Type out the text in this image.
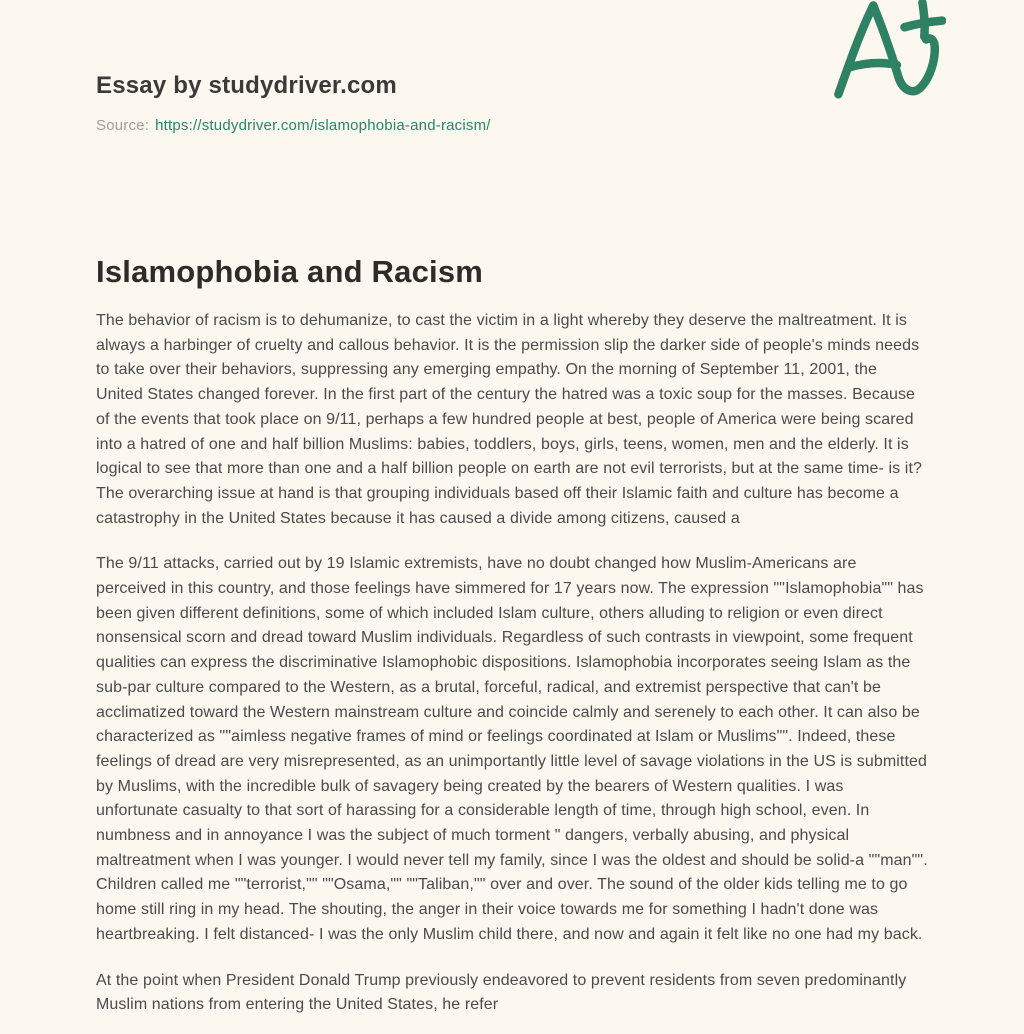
Essay by studydriver.com
Source: https://studydriver.com/islamophobia-and-racism/
Islamophobia and Racism

The behavior of racism is to dehumanize, to cast the victim in a light whereby they deserve the maltreatment. It is always a harbinger of cruelty and callous behavior. It is the permission slip the darker side of people's minds needs to take over their behaviors, suppressing any emerging empathy. On the morning of September 11, 2001, the United States changed forever. In the first part of the century the hatred was a toxic soup for the masses. Because of the events that took place on 9/11, perhaps a few hundred people at best, people of America were being scared into a hatred of one and half billion Muslims: babies, toddlers, boys, girls, teens, women, men and the elderly. It is logical to see that more than one and a half billion people on earth are not evil terrorists, but at the same time- is it? The overarching issue at hand is that grouping individuals based off their Islamic faith and culture has become a catastrophy in the United States because it has caused a divide among citizens, caused a

The 9/11 attacks, carried out by 19 Islamic extremists, have no doubt changed how Muslim-Americans are perceived in this country, and those feelings have simmered for 17 years now. The expression ""Islamophobia"" has been given different definitions, some of which included Islam culture, others alluding to religion or even direct nonsensical scorn and dread toward Muslim individuals. Regardless of such contrasts in viewpoint, some frequent qualities can express the discriminative Islamophobic dispositions. Islamophobia incorporates seeing Islam as the sub-par culture compared to the Western, as a brutal, forceful, radical, and extremist perspective that can't be acclimatized toward the Western mainstream culture and coincide calmly and serenely to each other. It can also be characterized as ""aimless negative frames of mind or feelings coordinated at Islam or Muslims"". Indeed, these feelings of dread are very misrepresented, as an unimportantly little level of savage violations in the US is submitted by Muslims, with the incredible bulk of savagery being created by the bearers of Western qualities. I was unfortunate casualty to that sort of harassing for a considerable length of time, through high school, even. In numbness and in annoyance I was the subject of much torment " dangers, verbally abusing, and physical maltreatment when I was younger. I would never tell my family, since I was the oldest and should be solid-a ""man"". Children called me ""terrorist,"" ""Osama,"" ""Taliban,"" over and over. The sound of the older kids telling me to go home still ring in my head. The shouting, the anger in their voice towards me for something I hadn't done was heartbreaking. I felt distanced- I was the only Muslim child there, and now and again it felt like no one had my back.

At the point when President Donald Trump previously endeavored to prevent residents from seven predominantly Muslim nations from entering the United States, he refer
